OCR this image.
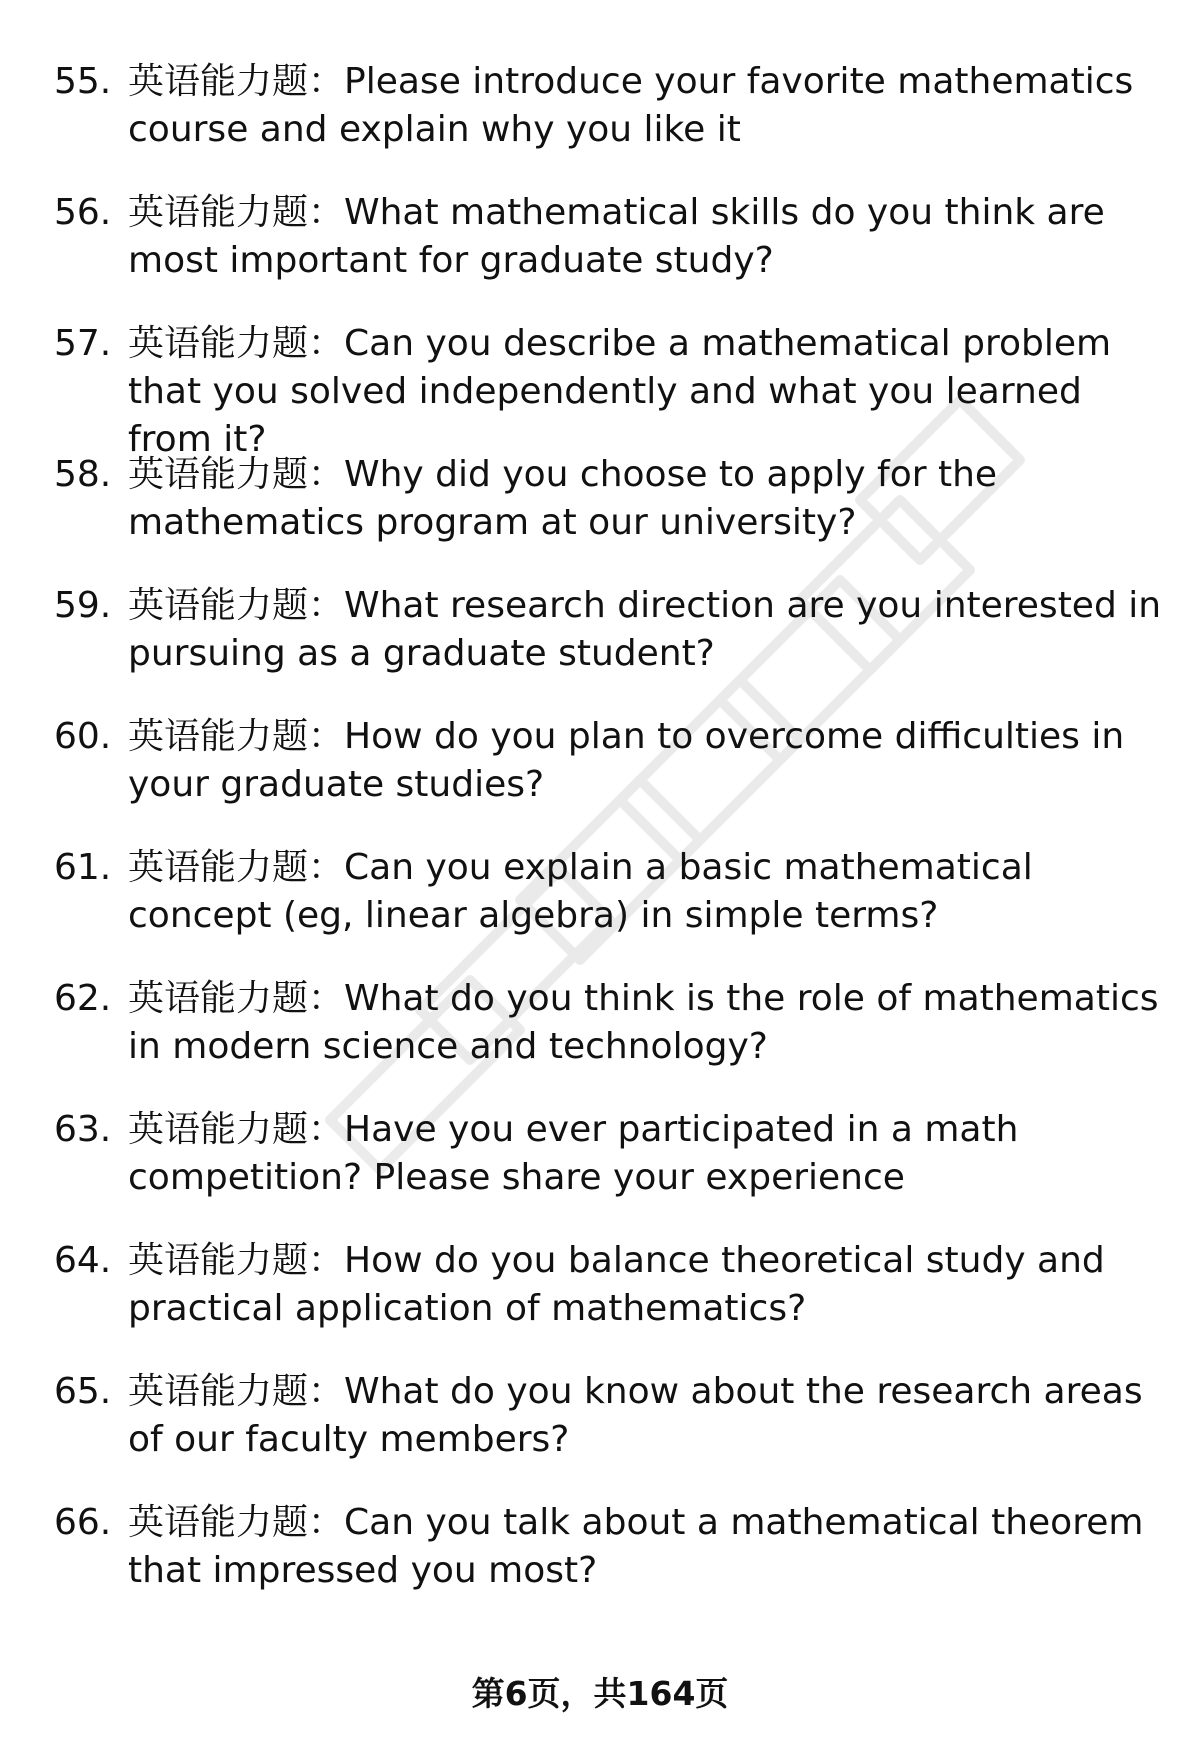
55. 英语能力题：Please introduce your favorite mathematics course and explain why you like it
56. 英语能力题：What mathematical skills do you think are most important for graduate study?
57. 英语能力题：Can you describe a mathematical problem that you solved independently and what you learned from it?
58. 英语能力题：Why did you choose to apply for the mathematics program at our university?
59. 英语能力题：What research direction are you interested in pursuing as a graduate student?
60. 英语能力题：How do you plan to overcome difficulties in your graduate studies?
61. 英语能力题：Can you explain a basic mathematical concept (eg, linear algebra) in simple terms?
62. 英语能力题：What do you think is the role of mathematics in modern science and technology?
63. 英语能力题：Have you ever participated in a math competition? Please share your experience
64. 英语能力题：How do you balance theoretical study and practical application of mathematics?
65. 英语能力题：What do you know about the research areas of our faculty members?
66. 英语能力题：Can you talk about a mathematical theorem that impressed you most?
第6页，共164页
